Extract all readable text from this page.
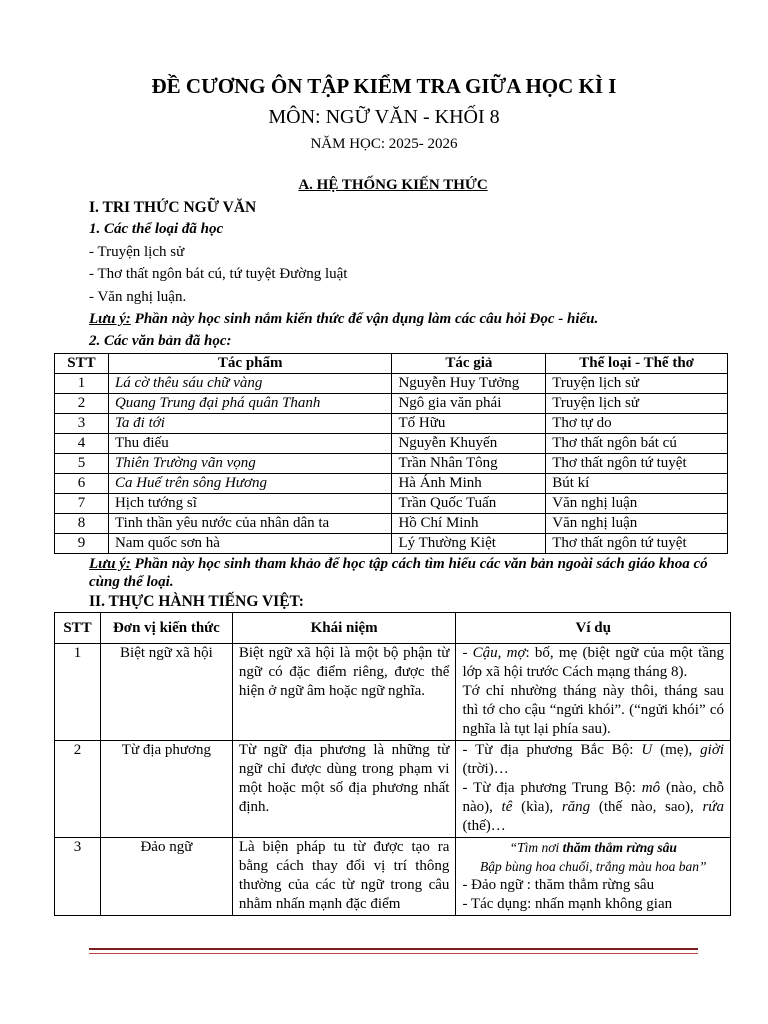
ĐỀ CƯƠNG ÔN TẬP KIỂM TRA GIỮA HỌC KÌ I
MÔN: NGỮ VĂN - KHỐI 8
NĂM HỌC: 2025- 2026
A. HỆ THỐNG KIẾN THỨC
I. TRI THỨC NGỮ VĂN
1. Các thể loại đã học
- Truyện lịch sử
- Thơ thất ngôn bát cú, tứ tuyệt Đường luật
- Văn nghị luận.
Lưu ý: Phần này học sinh nắm kiến thức để vận dụng làm các câu hỏi Đọc - hiểu.
2. Các văn bản đã học:
STT	Tác phẩm	Tác giả	Thể loại - Thể thơ
1	Lá cờ thêu sáu chữ vàng	Nguyễn Huy Tưởng	Truyện lịch sử
2	Quang Trung đại phá quân Thanh	Ngô gia văn phái	Truyện lịch sử
3	Ta đi tới	Tố Hữu	Thơ tự do
4	Thu điếu	Nguyễn Khuyến	Thơ thất ngôn bát cú
5	Thiên Trường vãn vọng	Trần Nhân Tông	Thơ thất ngôn tứ tuyệt
6	Ca Huế trên sông Hương	Hà Ánh Minh	Bút kí
7	Hịch tướng sĩ	Trần Quốc Tuấn	Văn nghị luận
8	Tinh thần yêu nước của nhân dân ta	Hồ Chí Minh	Văn nghị luận
9	Nam quốc sơn hà	Lý Thường Kiệt	Thơ thất ngôn tứ tuyệt
Lưu ý: Phần này học sinh tham khảo để học tập cách tìm hiểu các văn bản ngoài sách giáo khoa có cùng thể loại.
II. THỰC HÀNH TIẾNG VIỆT:
STT	Đơn vị kiến thức	Khái niệm	Ví dụ
1	Biệt ngữ xã hội	Biệt ngữ xã hội là một bộ phận từ ngữ có đặc điểm riêng, được thể hiện ở ngữ âm hoặc ngữ nghĩa.	- Cậu, mợ: bố, mẹ (biệt ngữ của một tầng lớp xã hội trước Cách mạng tháng 8).
Tớ chỉ nhường tháng này thôi, tháng sau thì tớ cho cậu “ngửi khói”. (“ngửi khói” có nghĩa là tụt lại phía sau).
2	Từ địa phương	Từ ngữ địa phương là những từ ngữ chỉ được dùng trong phạm vi một hoặc một số địa phương nhất định.	- Từ địa phương Bắc Bộ: U (mẹ), giời (trời)…
- Từ địa phương Trung Bộ: mô (nào, chỗ nào), tê (kìa), răng (thế nào, sao), rứa (thế)…
3	Đảo ngữ	Là biện pháp tu từ được tạo ra bằng cách thay đổi vị trí thông thường của các từ ngữ trong câu nhằm nhấn mạnh đặc điểm	“Tìm nơi thăm thẳm rừng sâu
Bập bùng hoa chuối, trắng màu hoa ban”
- Đảo ngữ : thăm thẳm rừng sâu
- Tác dụng: nhấn mạnh không gian
